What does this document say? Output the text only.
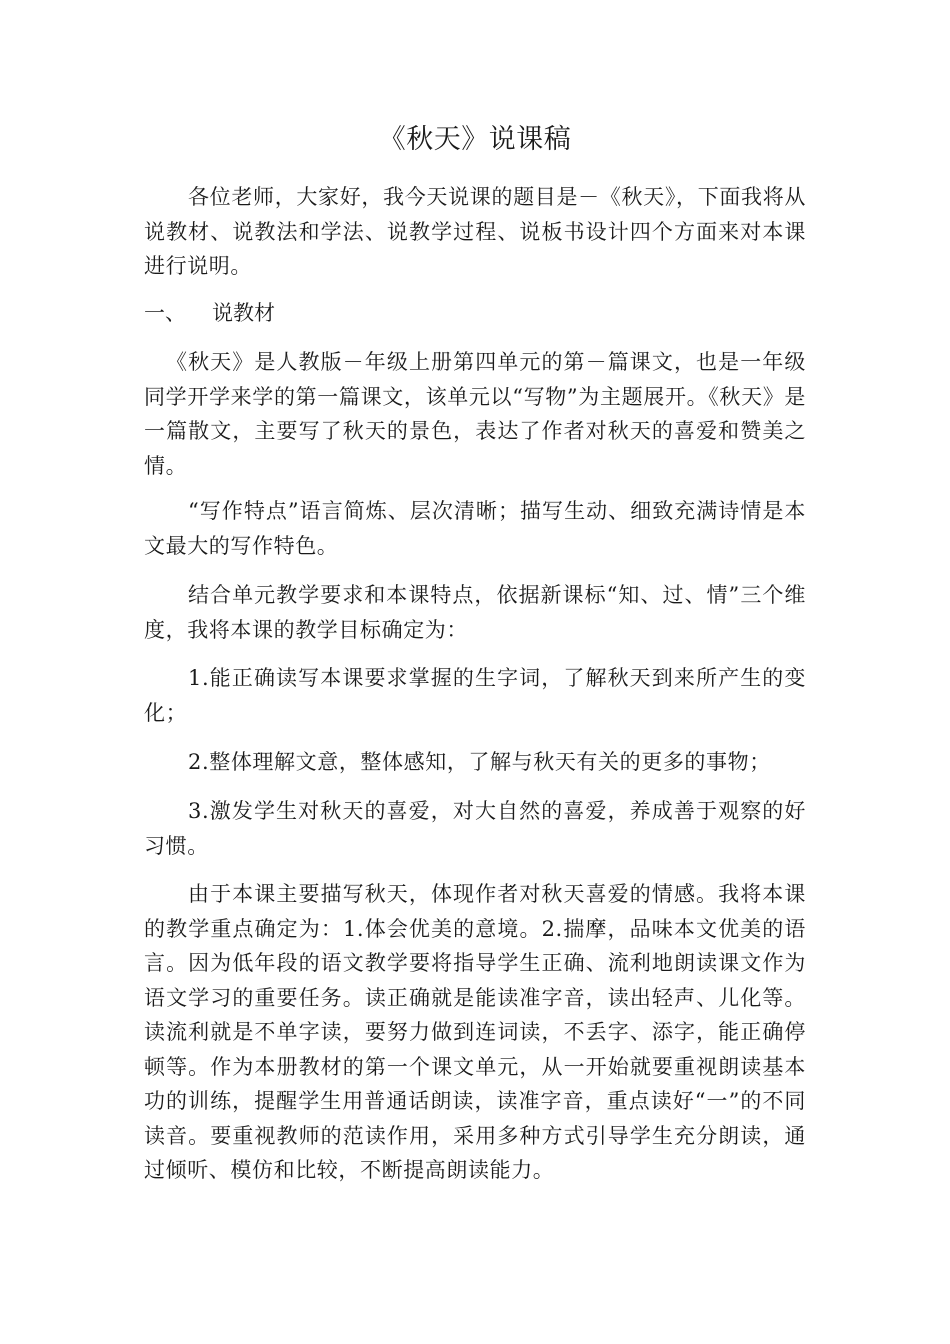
《秋天》说课稿

各位老师，大家好，我今天说课的题目是－《秋天》，下面我将从说教材、说教法和学法、说教学过程、说板书设计四个方面来对本课进行说明。

一、 说教材

《秋天》是人教版－年级上册第四单元的第－篇课文，也是一年级同学开学来学的第一篇课文，该单元以“写物”为主题展开。《秋天》是一篇散文，主要写了秋天的景色，表达了作者对秋天的喜爱和赞美之情。

“写作特点”语言简炼、层次清晰；描写生动、细致充满诗情是本文最大的写作特色。

结合单元教学要求和本课特点，依据新课标“知、过、情”三个维度，我将本课的教学目标确定为：

1.能正确读写本课要求掌握的生字词，了解秋天到来所产生的变化；

2.整体理解文意，整体感知，了解与秋天有关的更多的事物；

3.激发学生对秋天的喜爱，对大自然的喜爱，养成善于观察的好习惯。

由于本课主要描写秋天，体现作者对秋天喜爱的情感。我将本课的教学重点确定为：1.体会优美的意境。2.揣摩，品味本文优美的语言。因为低年段的语文教学要将指导学生正确、流利地朗读课文作为语文学习的重要任务。读正确就是能读准字音，读出轻声、儿化等。读流利就是不单字读，要努力做到连词读，不丢字、添字，能正确停顿等。作为本册教材的第一个课文单元，从一开始就要重视朗读基本功的训练，提醒学生用普通话朗读，读准字音，重点读好“一”的不同读音。要重视教师的范读作用，采用多种方式引导学生充分朗读，通过倾听、模仿和比较，不断提高朗读能力。
